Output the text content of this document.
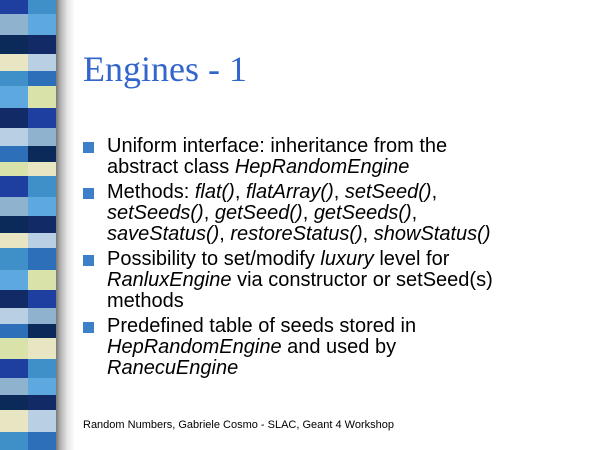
Engines - 1
Uniform interface: inheritance from the
abstract class HepRandomEngine
Methods: flat(), flatArray(), setSeed(),
setSeeds(), getSeed(), getSeeds(),
saveStatus(), restoreStatus(), showStatus()
Possibility to set/modify luxury level for
RanluxEngine via constructor or setSeed(s)
methods
Predefined table of seeds stored in
HepRandomEngine and used by
RanecuEngine

Random Numbers, Gabriele Cosmo - SLAC, Geant 4 Workshop
